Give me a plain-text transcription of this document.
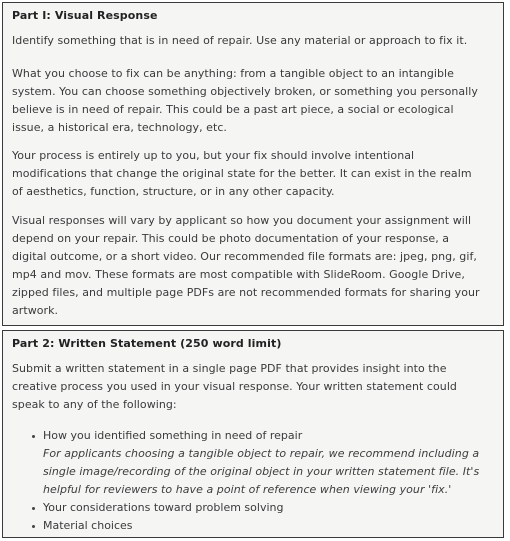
Part I: Visual Response
Identify something that is in need of repair. Use any material or approach to fix it.
What you choose to fix can be anything: from a tangible object to an intangible
system. You can choose something objectively broken, or something you personally
believe is in need of repair. This could be a past art piece, a social or ecological
issue, a historical era, technology, etc.
Your process is entirely up to you, but your fix should involve intentional
modifications that change the original state for the better. It can exist in the realm
of aesthetics, function, structure, or in any other capacity.
Visual responses will vary by applicant so how you document your assignment will
depend on your repair. This could be photo documentation of your response, a
digital outcome, or a short video. Our recommended file formats are: jpeg, png, gif,
mp4 and mov. These formats are most compatible with SlideRoom. Google Drive,
zipped files, and multiple page PDFs are not recommended formats for sharing your
artwork.
Part 2: Written Statement (250 word limit)
Submit a written statement in a single page PDF that provides insight into the
creative process you used in your visual response. Your written statement could
speak to any of the following:
How you identified something in need of repair
For applicants choosing a tangible object to repair, we recommend including a
single image/recording of the original object in your written statement file. It's
helpful for reviewers to have a point of reference when viewing your 'fix.'
Your considerations toward problem solving
Material choices
